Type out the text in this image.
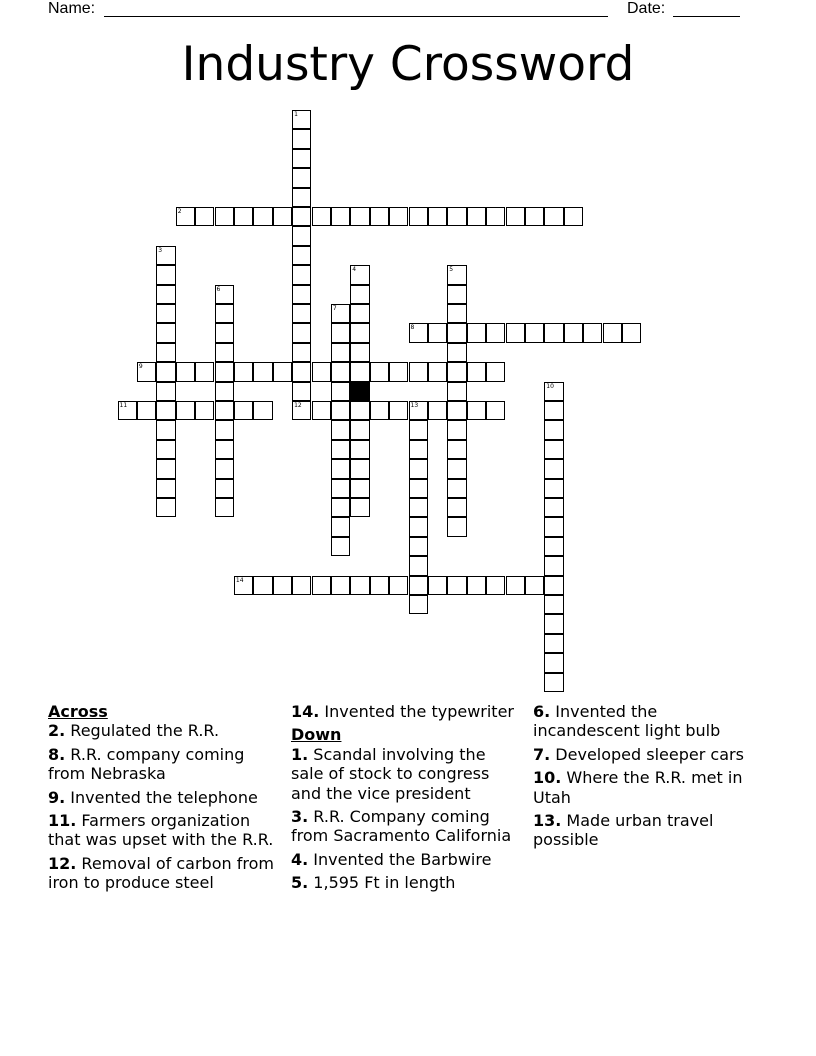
Name:	Date:
Industry Crossword
1
2
3
4	5
6
7
8
9
10
11	12	13
14
Across
2. Regulated the R.R.
8. R.R. company coming from Nebraska
9. Invented the telephone
11. Farmers organization that was upset with the R.R.
12. Removal of carbon from iron to produce steel
14. Invented the typewriter
Down
1. Scandal involving the sale of stock to congress and the vice president
3. R.R. Company coming from Sacramento California
4. Invented the Barbwire
5. 1,595 Ft in length
6. Invented the incandescent light bulb
7. Developed sleeper cars
10. Where the R.R. met in Utah
13. Made urban travel possible
